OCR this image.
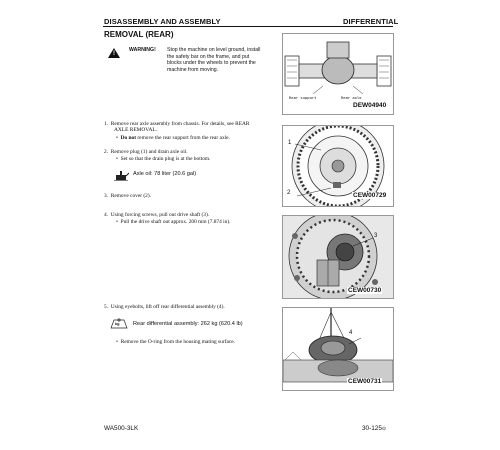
DISASSEMBLY AND ASSEMBLY	DIFFERENTIAL
REMOVAL (REAR)
!
WARNING! Stop the machine on level ground, install
the safety bar on the frame, and put
blocks under the wheels to prevent the
machine from moving.
Rear support	Rear axle
DEW04940
1. Remove rear axle assembly from chassis. For details, see REAR
AXLE REMOVAL.
• Do not remove the rear support from the rear axle.
2. Remove plug (1) and drain axle oil.
• Set so that the drain plug is at the bottom.
Axle oil: 78 liter (20.6 gal)
3. Remove cover (2).
1
2	CEW00729
4. Using forcing screws, pull out drive shaft (3).
• Pull the drive shaft out approx. 200 mm (7.874 in).
3
CEW00730
5. Using eyebolts, lift off rear differential assembly (4).
kg Rear differential assembly: 262 kg (620.4 lb)
• Remove the O-ring from the housing mating surface.
4
CEW00731
WA500-3LK	30-125⊙
